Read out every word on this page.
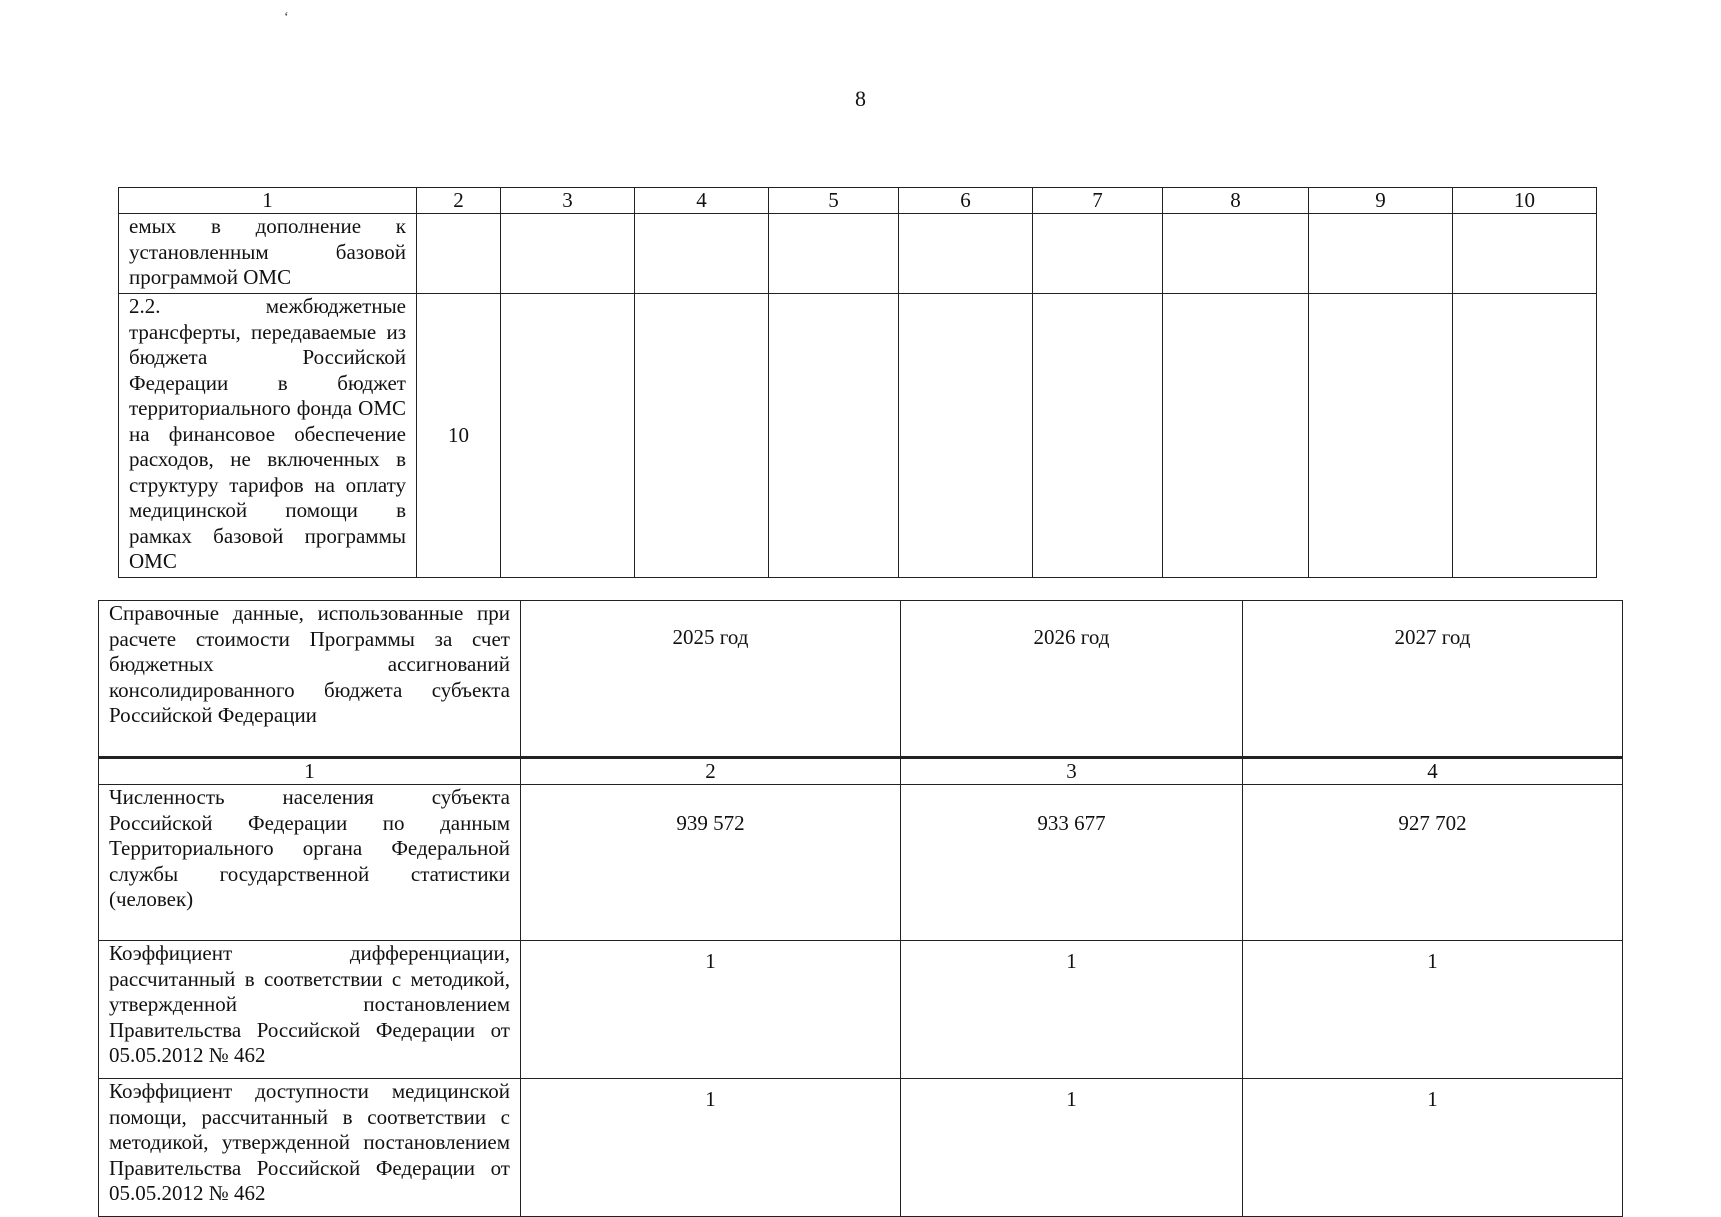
‘
8
1	2	3	4	5	6	7	8	9	10
емых в дополнение к установленным базовой программой ОМС									
2.2. межбюджетные трансферты, передаваемые из бюджета Российской Федерации в бюджет территориального фонда ОМС на финансовое обеспечение расходов, не включенных в структуру тарифов на оплату медицинской помощи в рамках базовой программы ОМС	10								
Справочные данные, использованные при расчете стоимости Программы за счет бюджетных ассигнований консолидированного бюджета субъекта Российской Федерации	2025 год	2026 год	2027 год
1	2	3	4
Численность населения субъекта Российской Федерации по данным Территориального органа Федеральной службы государственной статистики (человек)	939 572	933 677	927 702
Коэффициент дифференциации, рассчитанный в соответствии с методикой, утвержденной постановлением Правительства Российской Федерации от 05.05.2012 № 462	1	1	1
Коэффициент доступности медицинской помощи, рассчитанный в соответствии с методикой, утвержденной постановлением Правительства Российской Федерации от 05.05.2012 № 462	1	1	1
